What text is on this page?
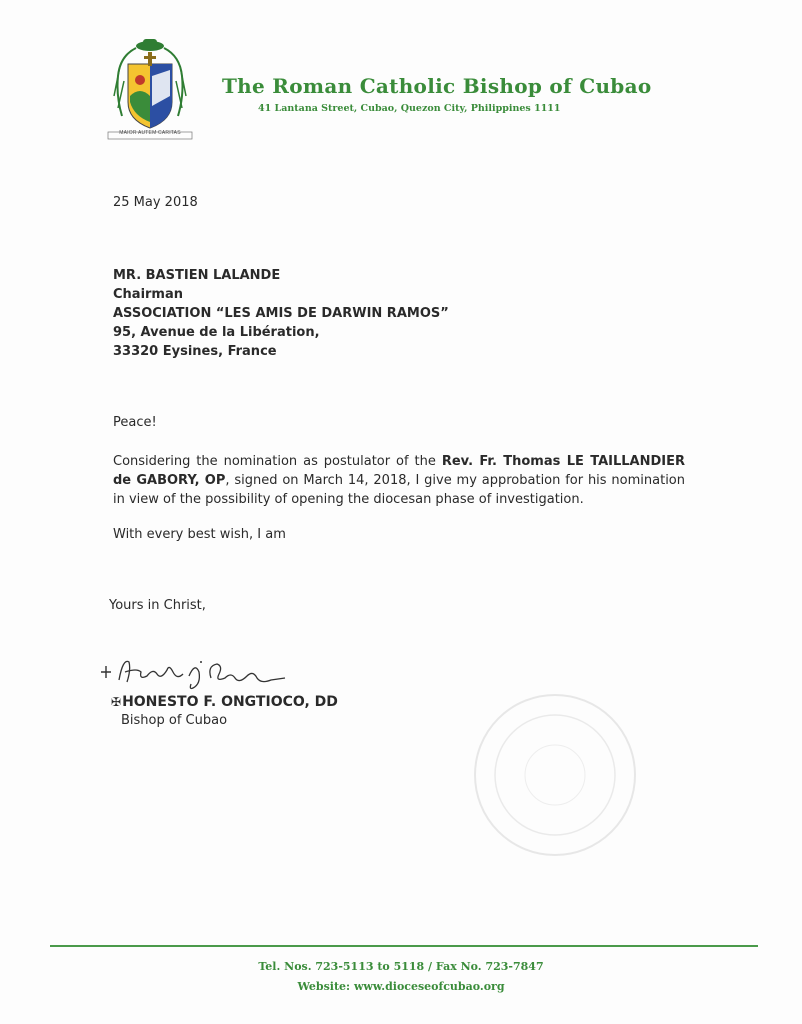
MAIOR AUTEM CARITAS
The Roman Catholic Bishop of Cubao
41 Lantana Street, Cubao, Quezon City, Philippines 1111
25 May 2018
MR. BASTIEN LALANDE
Chairman
ASSOCIATION “LES AMIS DE DARWIN RAMOS”
95, Avenue de la Libération,
33320 Eysines, France
Peace!
Considering the nomination as postulator of the Rev. Fr. Thomas LE TAILLANDIER de GABORY, OP, signed on March 14, 2018, I give my approbation for his nomination in view of the possibility of opening the diocesan phase of investigation.
With every best wish, I am
Yours in Christ,
✠HONESTO F. ONGTIOCO, DD
Bishop of Cubao
Tel. Nos. 723-5113 to 5118 / Fax No. 723-7847
Website: www.dioceseofcubao.org
